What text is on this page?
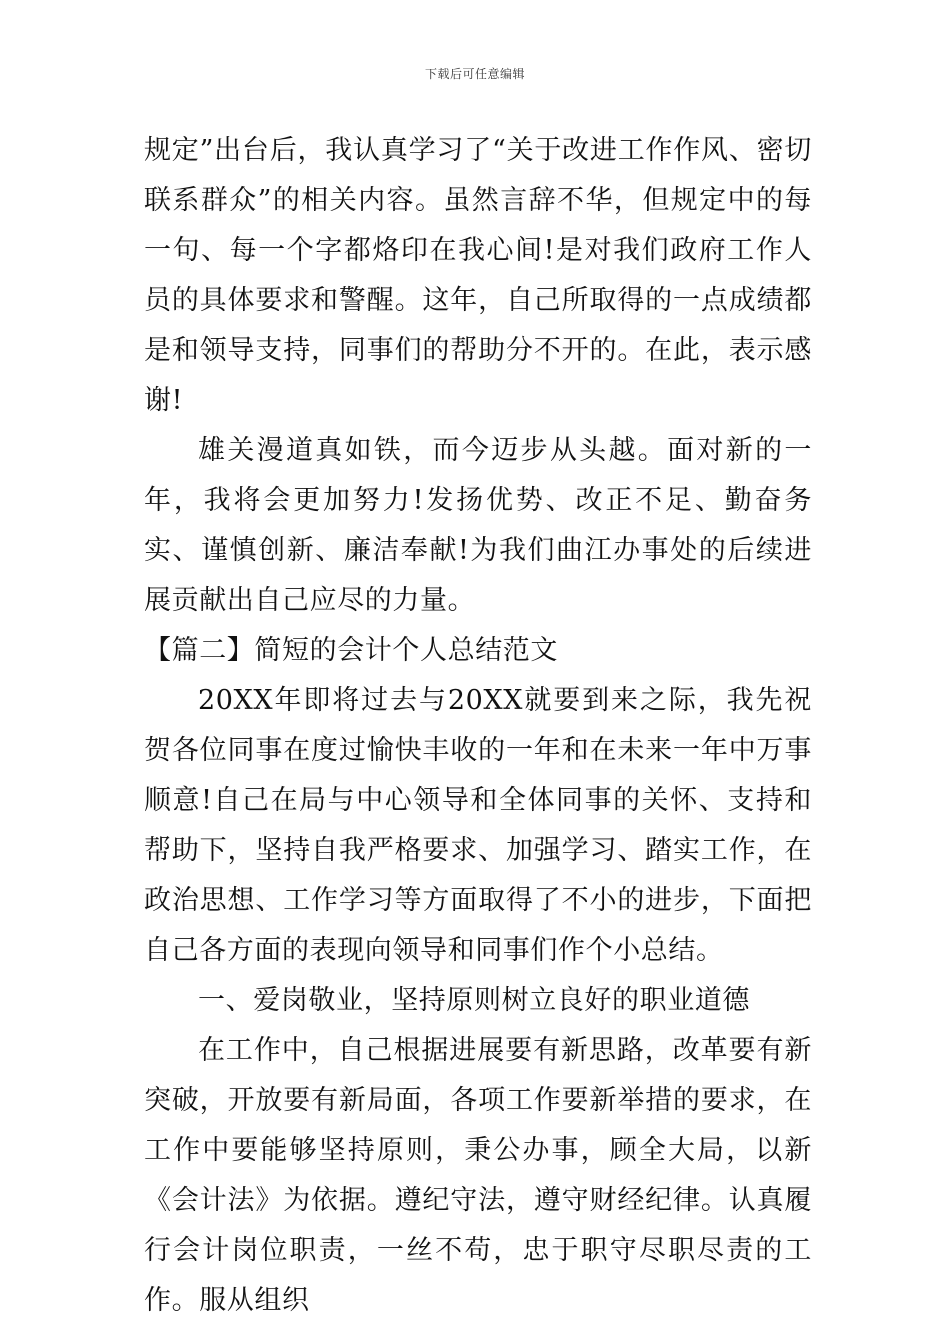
下载后可任意编辑

规定”出台后，我认真学习了“关于改进工作作风、密切联系群众”的相关内容。虽然言辞不华，但规定中的每一句、每一个字都烙印在我心间!是对我们政府工作人员的具体要求和警醒。这年，自己所取得的一点成绩都是和领导支持，同事们的帮助分不开的。在此，表示感谢!

雄关漫道真如铁，而今迈步从头越。面对新的一年，我将会更加努力!发扬优势、改正不足、勤奋务实、谨慎创新、廉洁奉献!为我们曲江办事处的后续进展贡献出自己应尽的力量。

【篇二】简短的会计个人总结范文

20XX年即将过去与20XX就要到来之际，我先祝贺各位同事在度过愉快丰收的一年和在未来一年中万事顺意!自己在局与中心领导和全体同事的关怀、支持和帮助下，坚持自我严格要求、加强学习、踏实工作，在政治思想、工作学习等方面取得了不小的进步，下面把自己各方面的表现向领导和同事们作个小总结。

一、爱岗敬业，坚持原则树立良好的职业道德

在工作中，自己根据进展要有新思路，改革要有新突破，开放要有新局面，各项工作要新举措的要求，在工作中要能够坚持原则，秉公办事，顾全大局，以新《会计法》为依据。遵纪守法，遵守财经纪律。认真履行会计岗位职责，一丝不苟，忠于职守尽职尽责的工作。服从组织
